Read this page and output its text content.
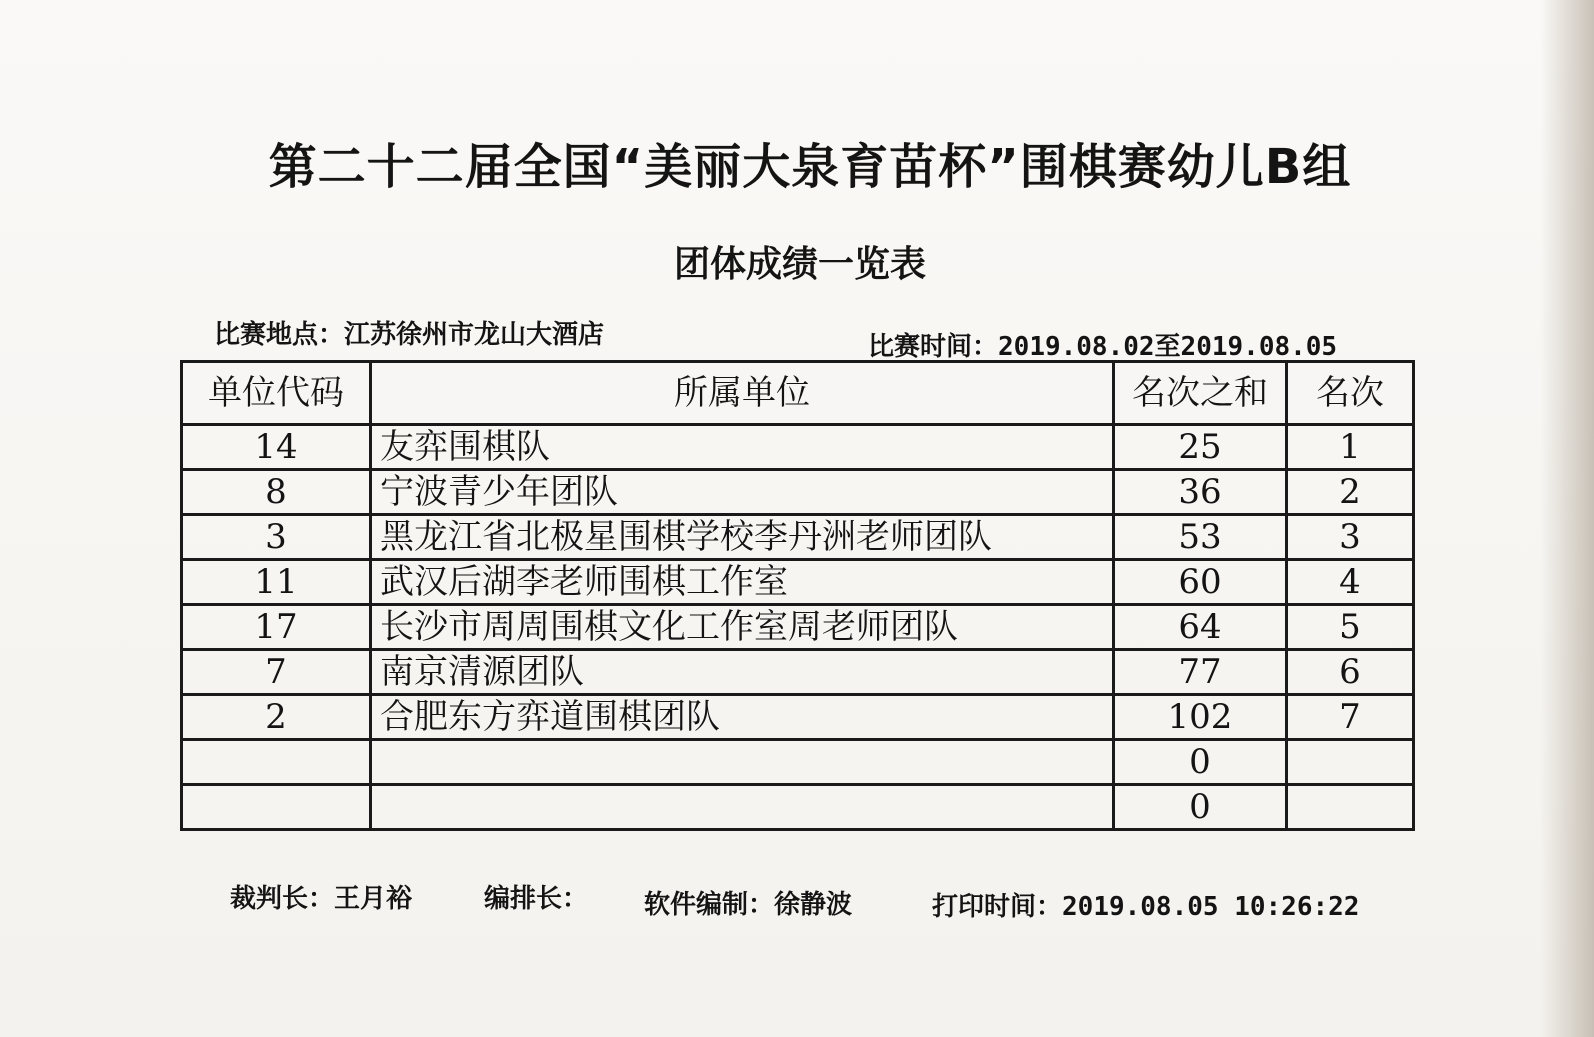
第二十二届全国“美丽大泉育苗杯”围棋赛幼儿B组
团体成绩一览表
比赛地点：江苏徐州市龙山大酒店	比赛时间：2019.08.02至2019.08.05
单位代码	所属单位	名次之和	名次
14	友弈围棋队	25	1
8	宁波青少年团队	36	2
3	黑龙江省北极星围棋学校李丹洲老师团队	53	3
11	武汉后湖李老师围棋工作室	60	4
17	长沙市周周围棋文化工作室周老师团队	64	5
7	南京清源团队	77	6
2	合肥东方弈道围棋团队	102	7
		0	
		0	
裁判长：王月裕	编排长： 软件编制：徐静波	打印时间：2019.08.05 10:26:22
